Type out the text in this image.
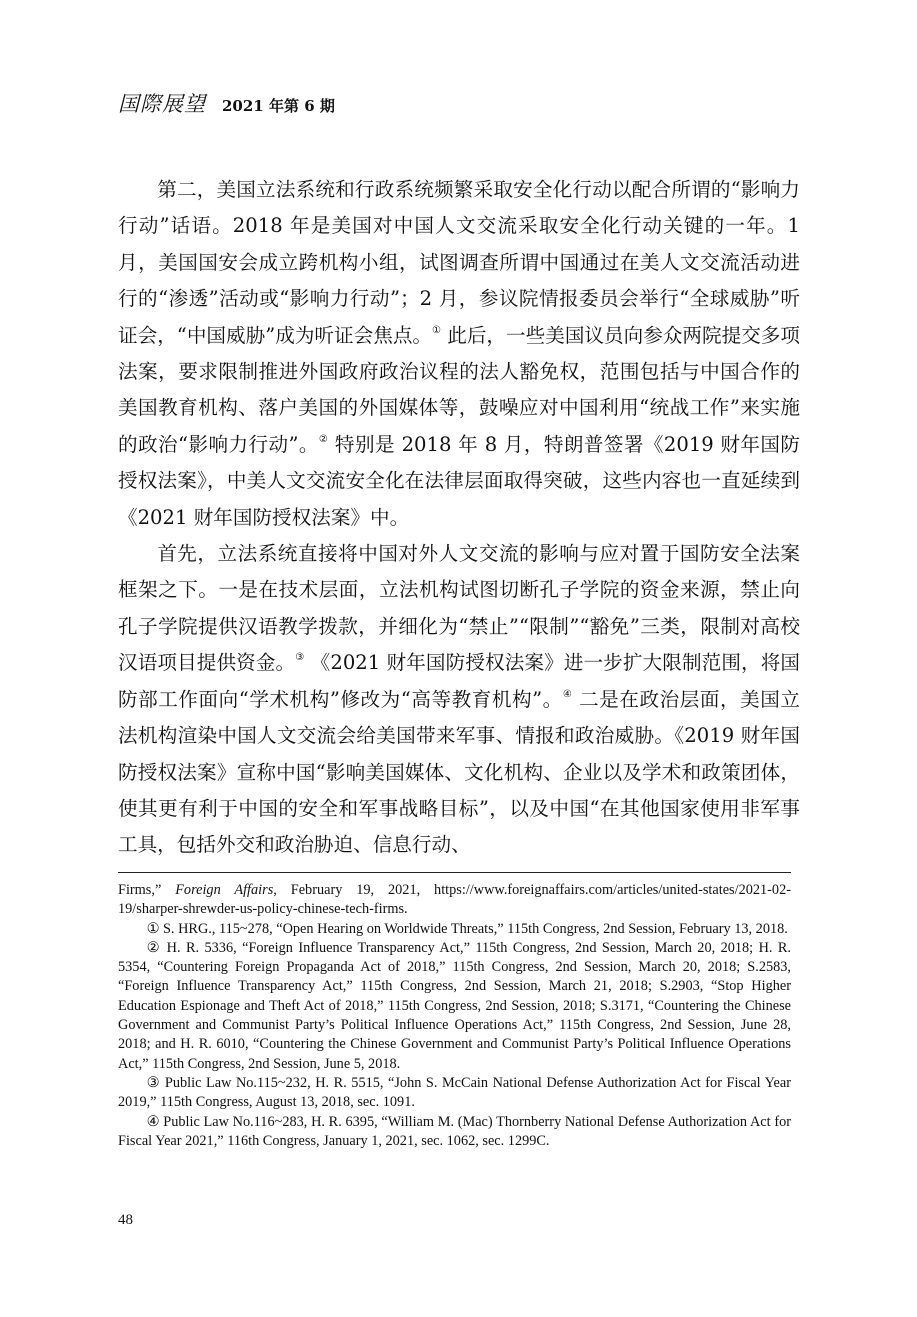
国際展望 2021 年第 6 期

第二，美国立法系统和行政系统频繁采取安全化行动以配合所谓的“影响力行动”话语。2018 年是美国对中国人文交流采取安全化行动关键的一年。1 月，美国国安会成立跨机构小组，试图调查所谓中国通过在美人文交流活动进行的“渗透”活动或“影响力行动”；2 月，参议院情报委员会举行“全球威胁”听证会，“中国威胁”成为听证会焦点。① 此后，一些美国议员向参众两院提交多项法案，要求限制推进外国政府政治议程的法人豁免权，范围包括与中国合作的美国教育机构、落户美国的外国媒体等，鼓噪应对中国利用“统战工作”来实施的政治“影响力行动”。② 特别是 2018 年 8 月，特朗普签署《2019 财年国防授权法案》，中美人文交流安全化在法律层面取得突破，这些内容也一直延续到《2021 财年国防授权法案》中。

首先，立法系统直接将中国对外人文交流的影响与应对置于国防安全法案框架之下。一是在技术层面，立法机构试图切断孔子学院的资金来源，禁止向孔子学院提供汉语教学拨款，并细化为“禁止”“限制”“豁免”三类，限制对高校汉语项目提供资金。③ 《2021 财年国防授权法案》进一步扩大限制范围，将国防部工作面向“学术机构”修改为“高等教育机构”。④ 二是在政治层面，美国立法机构渲染中国人文交流会给美国带来军事、情报和政治威胁。《2019 财年国防授权法案》宣称中国“影响美国媒体、文化机构、企业以及学术和政策团体，使其更有利于中国的安全和军事战略目标”，以及中国“在其他国家使用非军事工具，包括外交和政治胁迫、信息行动、

Firms,” Foreign Affairs, February 19, 2021, https://www.foreignaffairs.com/articles/united-states/2021-02-19/sharper-shrewder-us-policy-chinese-tech-firms.

① S. HRG., 115~278, “Open Hearing on Worldwide Threats,” 115th Congress, 2nd Session, February 13, 2018.

② H. R. 5336, “Foreign Influence Transparency Act,” 115th Congress, 2nd Session, March 20, 2018; H. R. 5354, “Countering Foreign Propaganda Act of 2018,” 115th Congress, 2nd Session, March 20, 2018; S.2583, “Foreign Influence Transparency Act,” 115th Congress, 2nd Session, March 21, 2018; S.2903, “Stop Higher Education Espionage and Theft Act of 2018,” 115th Congress, 2nd Session, 2018; S.3171, “Countering the Chinese Government and Communist Party’s Political Influence Operations Act,” 115th Congress, 2nd Session, June 28, 2018; and H. R. 6010, “Countering the Chinese Government and Communist Party’s Political Influence Operations Act,” 115th Congress, 2nd Session, June 5, 2018.

③ Public Law No.115~232, H. R. 5515, “John S. McCain National Defense Authorization Act for Fiscal Year 2019,” 115th Congress, August 13, 2018, sec. 1091.

④ Public Law No.116~283, H. R. 6395, “William M. (Mac) Thornberry National Defense Authorization Act for Fiscal Year 2021,” 116th Congress, January 1, 2021, sec. 1062, sec. 1299C.

48
